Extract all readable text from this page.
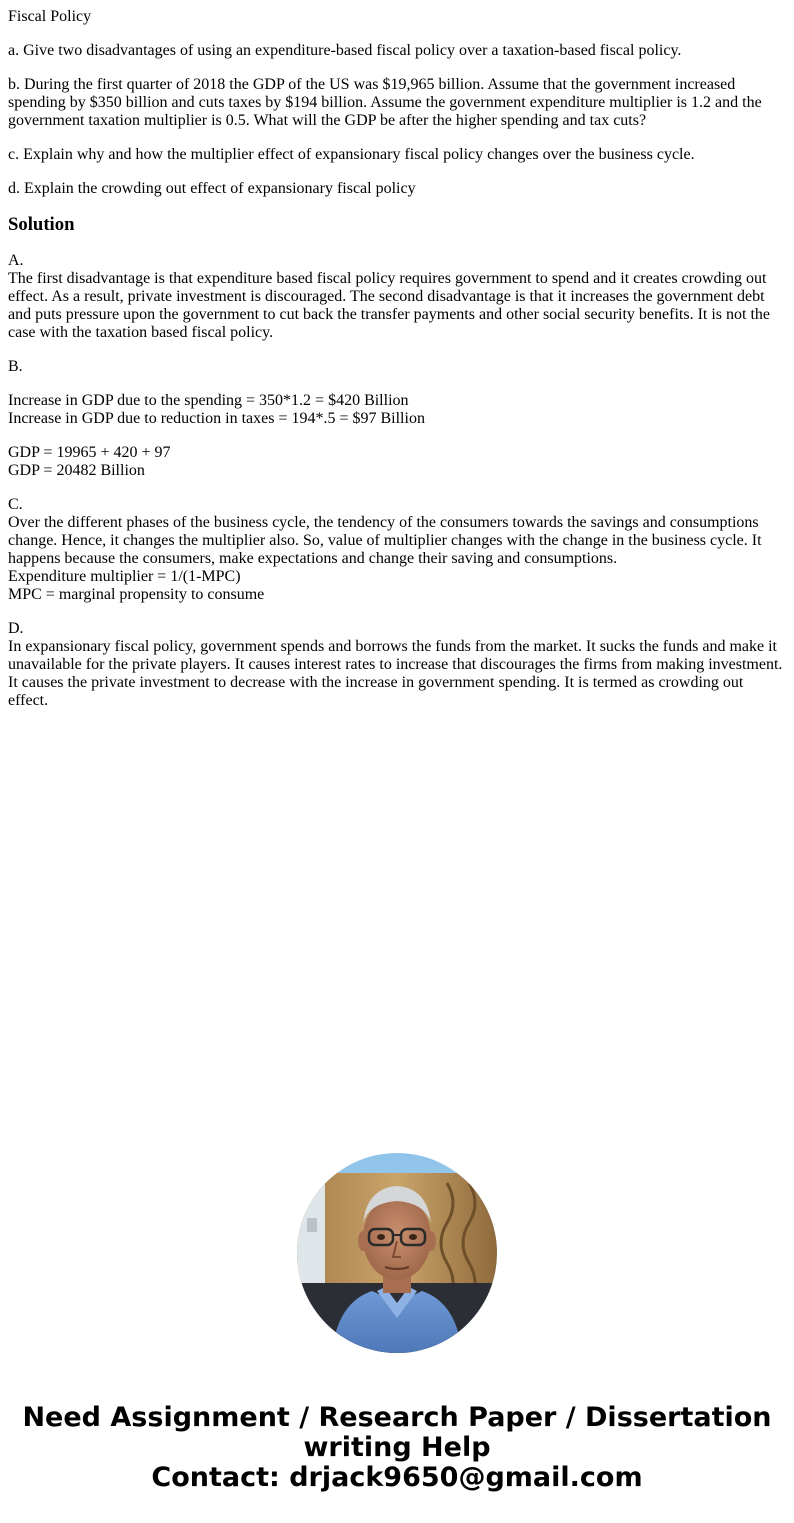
Fiscal Policy

a. Give two disadvantages of using an expenditure-based fiscal policy over a taxation-based fiscal policy.

b. During the first quarter of 2018 the GDP of the US was $19,965 billion. Assume that the government increased spending by $350 billion and cuts taxes by $194 billion. Assume the government expenditure multiplier is 1.2 and the government taxation multiplier is 0.5. What will the GDP be after the higher spending and tax cuts?

c. Explain why and how the multiplier effect of expansionary fiscal policy changes over the business cycle.

d. Explain the crowding out effect of expansionary fiscal policy

Solution

A.
The first disadvantage is that expenditure based fiscal policy requires government to spend and it creates crowding out effect. As a result, private investment is discouraged. The second disadvantage is that it increases the government debt and puts pressure upon the government to cut back the transfer payments and other social security benefits. It is not the case with the taxation based fiscal policy.

B.

Increase in GDP due to the spending = 350*1.2 = $420 Billion
Increase in GDP due to reduction in taxes = 194*.5 = $97 Billion

GDP = 19965 + 420 + 97
GDP = 20482 Billion

C.
Over the different phases of the business cycle, the tendency of the consumers towards the savings and consumptions change. Hence, it changes the multiplier also. So, value of multiplier changes with the change in the business cycle. It happens because the consumers, make expectations and change their saving and consumptions.
Expenditure multiplier = 1/(1-MPC)
MPC = marginal propensity to consume

D.
In expansionary fiscal policy, government spends and borrows the funds from the market. It sucks the funds and make it unavailable for the private players. It causes interest rates to increase that discourages the firms from making investment. It causes the private investment to decrease with the increase in government spending. It is termed as crowding out effect.

Need Assignment / Research Paper / Dissertation
writing Help
Contact: drjack9650@gmail.com
